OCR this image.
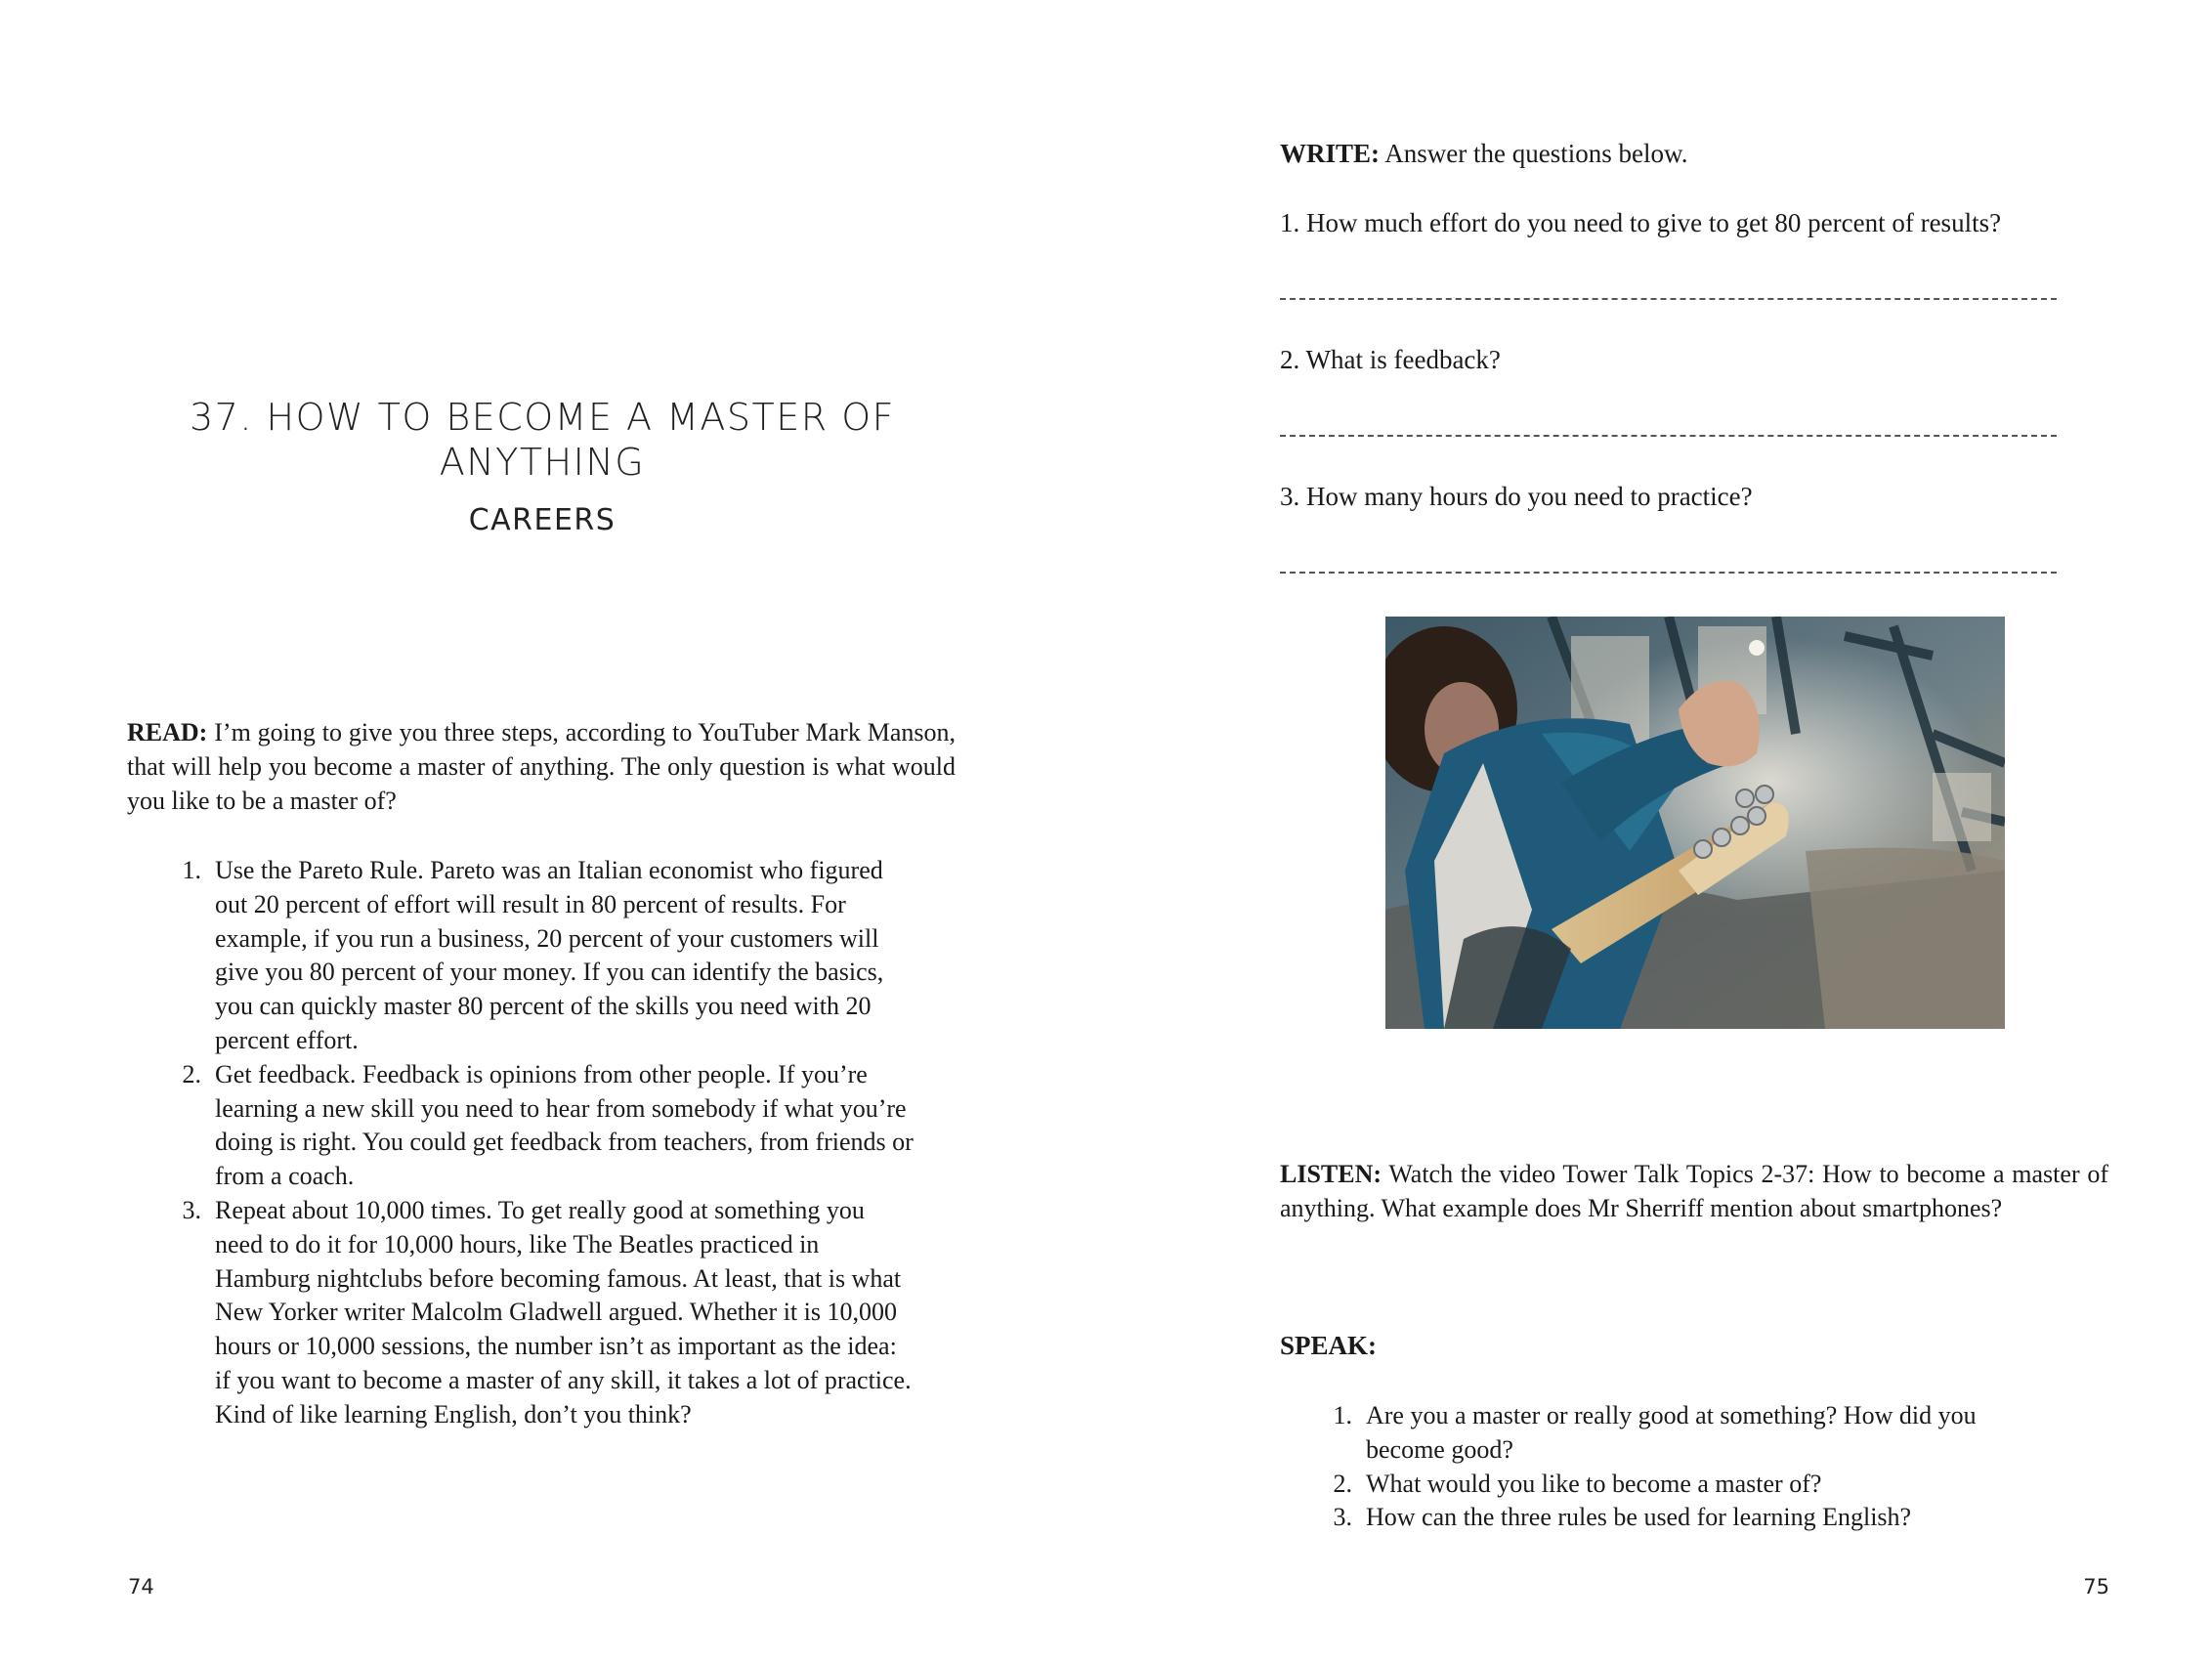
37. HOW TO BECOME A MASTER OF
ANYTHING
CAREERS

READ: I’m going to give you three steps, according to YouTuber Mark Manson, that will help you become a master of anything. The only question is what would you like to be a master of?

1. Use the Pareto Rule. Pareto was an Italian economist who figured out 20 percent of effort will result in 80 percent of results. For example, if you run a business, 20 percent of your customers will give you 80 percent of your money. If you can identify the basics, you can quickly master 80 percent of the skills you need with 20 percent effort.
2. Get feedback. Feedback is opinions from other people. If you’re learning a new skill you need to hear from somebody if what you’re doing is right. You could get feedback from teachers, from friends or from a coach.
3. Repeat about 10,000 times. To get really good at something you need to do it for 10,000 hours, like The Beatles practiced in Hamburg nightclubs before becoming famous. At least, that is what New Yorker writer Malcolm Gladwell argued. Whether it is 10,000 hours or 10,000 sessions, the number isn’t as important as the idea: if you want to become a master of any skill, it takes a lot of practice. Kind of like learning English, don’t you think?
74

WRITE: Answer the questions below.

1. How much effort do you need to give to get 80 percent of results?

2. What is feedback?

3. How many hours do you need to practice?

LISTEN: Watch the video Tower Talk Topics 2-37: How to become a master of anything. What example does Mr Sherriff mention about smartphones?

SPEAK:

1. Are you a master or really good at something? How did you become good?
2. What would you like to become a master of?
3. How can the three rules be used for learning English?
75
